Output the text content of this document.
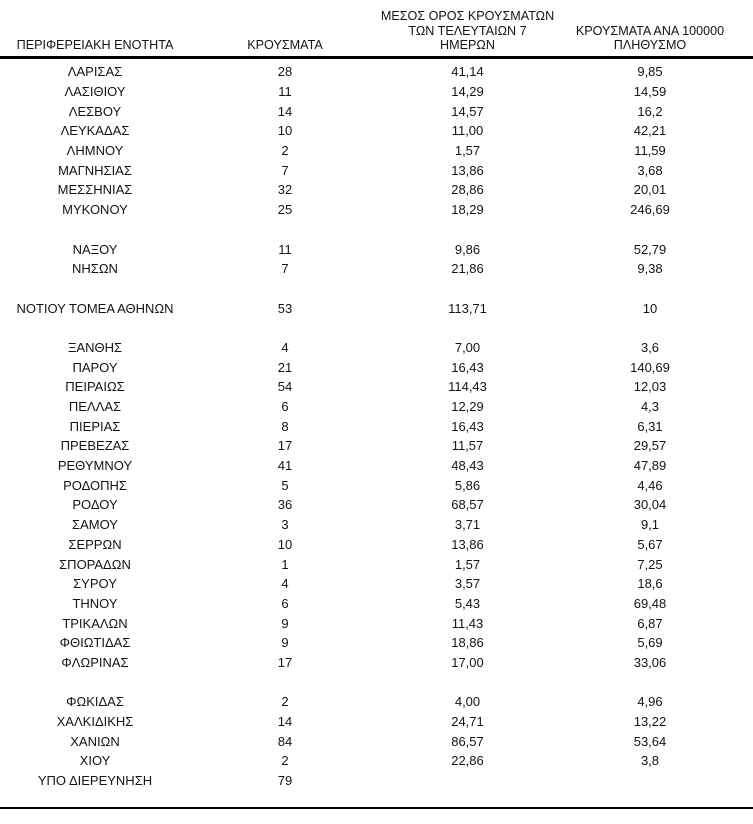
ΠΕΡΙΦΕΡΕΙΑΚΗ ΕΝΟΤΗΤΑ	ΚΡΟΥΣΜΑΤΑ
ΜΕΣΟΣ ΟΡΟΣ ΚΡΟΥΣΜΑΤΩΝ
ΤΩΝ ΤΕΛΕΥΤΑΙΩΝ 7 ΗΜΕΡΩΝ
ΚΡΟΥΣΜΑΤΑ ΑΝΑ 100000
ΠΛΗΘΥΣΜΟ
ΛΑΡΙΣΑΣ	28	41,14	9,85
ΛΑΣΙΘΙΟΥ	11	14,29	14,59
ΛΕΣΒΟΥ	14	14,57	16,2
ΛΕΥΚΑΔΑΣ	10	11,00	42,21
ΛΗΜΝΟΥ	2	1,57	11,59
ΜΑΓΝΗΣΙΑΣ	7	13,86	3,68
ΜΕΣΣΗΝΙΑΣ	32	28,86	20,01
ΜΥΚΟΝΟΥ	25	18,29	246,69
ΝΑΞΟΥ	11	9,86	52,79
ΝΗΣΩΝ	7	21,86	9,38
ΝΟΤΙΟΥ ΤΟΜΕΑ ΑΘΗΝΩΝ	53	113,71	10
ΞΑΝΘΗΣ	4	7,00	3,6
ΠΑΡΟΥ	21	16,43	140,69
ΠΕΙΡΑΙΩΣ	54	114,43	12,03
ΠΕΛΛΑΣ	6	12,29	4,3
ΠΙΕΡΙΑΣ	8	16,43	6,31
ΠΡΕΒΕΖΑΣ	17	11,57	29,57
ΡΕΘΥΜΝΟΥ	41	48,43	47,89
ΡΟΔΟΠΗΣ	5	5,86	4,46
ΡΟΔΟΥ	36	68,57	30,04
ΣΑΜΟΥ	3	3,71	9,1
ΣΕΡΡΩΝ	10	13,86	5,67
ΣΠΟΡΑΔΩΝ	1	1,57	7,25
ΣΥΡΟΥ	4	3,57	18,6
ΤΗΝΟΥ	6	5,43	69,48
ΤΡΙΚΑΛΩΝ	9	11,43	6,87
ΦΘΙΩΤΙΔΑΣ	9	18,86	5,69
ΦΛΩΡΙΝΑΣ	17	17,00	33,06
ΦΩΚΙΔΑΣ	2	4,00	4,96
ΧΑΛΚΙΔΙΚΗΣ	14	24,71	13,22
ΧΑΝΙΩΝ	84	86,57	53,64
ΧΙΟΥ	2	22,86	3,8
ΥΠΟ ΔΙΕΡΕΥΝΗΣΗ	79
